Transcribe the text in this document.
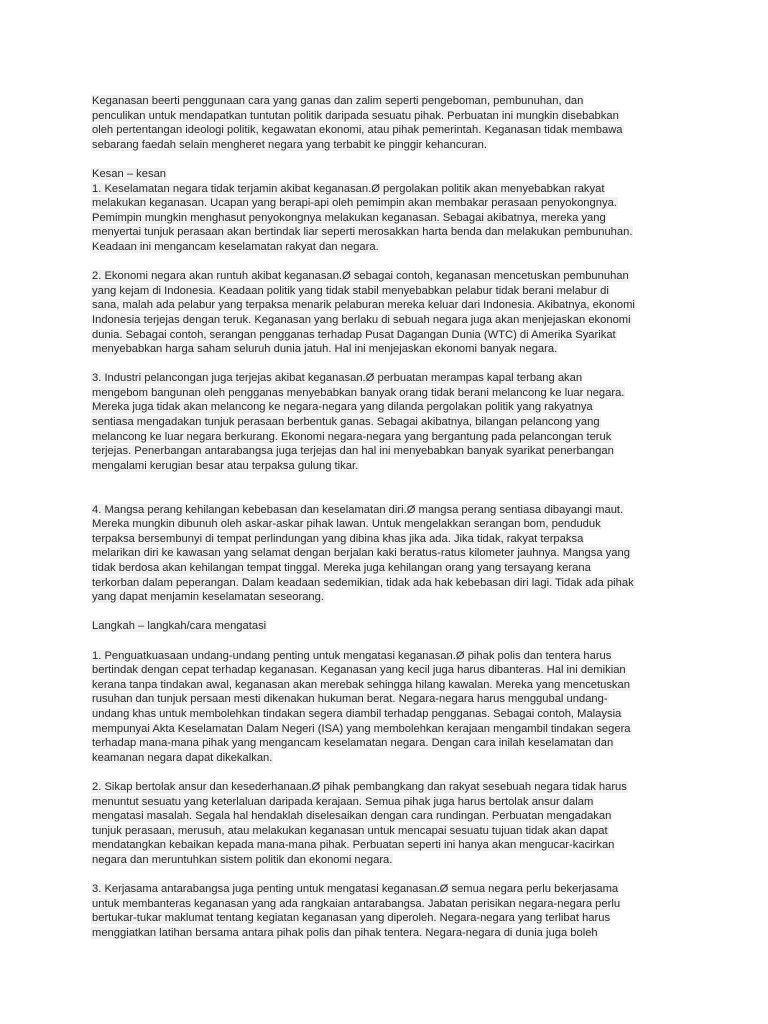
Keganasan beerti penggunaan cara yang ganas dan zalim seperti pengeboman, pembunuhan, dan
penculikan untuk mendapatkan tuntutan politik daripada sesuatu pihak. Perbuatan ini mungkin disebabkan
oleh pertentangan ideologi politik, kegawatan ekonomi, atau pihak pemerintah. Keganasan tidak membawa
sebarang faedah selain mengheret negara yang terbabit ke pinggir kehancuran.
Kesan – kesan
1. Keselamatan negara tidak terjamin akibat keganasan.Ø pergolakan politik akan menyebabkan rakyat
melakukan keganasan. Ucapan yang berapi-api oleh pemimpin akan membakar perasaan penyokongnya.
Pemimpin mungkin menghasut penyokongnya melakukan keganasan. Sebagai akibatnya, mereka yang
menyertai tunjuk perasaan akan bertindak liar seperti merosakkan harta benda dan melakukan pembunuhan.
Keadaan ini mengancam keselamatan rakyat dan negara.
2. Ekonomi negara akan runtuh akibat keganasan.Ø sebagai contoh, keganasan mencetuskan pembunuhan
yang kejam di Indonesia. Keadaan politik yang tidak stabil menyebabkan pelabur tidak berani melabur di
sana, malah ada pelabur yang terpaksa menarik pelaburan mereka keluar dari Indonesia. Akibatnya, ekonomi
Indonesia terjejas dengan teruk. Keganasan yang berlaku di sebuah negara juga akan menjejaskan ekonomi
dunia. Sebagai contoh, serangan pengganas terhadap Pusat Dagangan Dunia (WTC) di Amerika Syarikat
menyebabkan harga saham seluruh dunia jatuh. Hal ini menjejaskan ekonomi banyak negara.
3. Industri pelancongan juga terjejas akibat keganasan.Ø perbuatan merampas kapal terbang akan
mengebom bangunan oleh pengganas menyebabkan banyak orang tidak berani melancong ke luar negara.
Mereka juga tidak akan melancong ke negara-negara yang dilanda pergolakan politik yang rakyatnya
sentiasa mengadakan tunjuk perasaan berbentuk ganas. Sebagai akibatnya, bilangan pelancong yang
melancong ke luar negara berkurang. Ekonomi negara-negara yang bergantung pada pelancongan teruk
terjejas. Penerbangan antarabangsa juga terjejas dan hal ini menyebabkan banyak syarikat penerbangan
mengalami kerugian besar atau terpaksa gulung tikar.
4. Mangsa perang kehilangan kebebasan dan keselamatan diri.Ø mangsa perang sentiasa dibayangi maut.
Mereka mungkin dibunuh oleh askar-askar pihak lawan. Untuk mengelakkan serangan bom, penduduk
terpaksa bersembunyi di tempat perlindungan yang dibina khas jika ada. Jika tidak, rakyat terpaksa
melarikan diri ke kawasan yang selamat dengan berjalan kaki beratus-ratus kilometer jauhnya. Mangsa yang
tidak berdosa akan kehilangan tempat tinggal. Mereka juga kehilangan orang yang tersayang kerana
terkorban dalam peperangan. Dalam keadaan sedemikian, tidak ada hak kebebasan diri lagi. Tidak ada pihak
yang dapat menjamin keselamatan seseorang.
Langkah – langkah/cara mengatasi
1. Penguatkuasaan undang-undang penting untuk mengatasi keganasan.Ø pihak polis dan tentera harus
bertindak dengan cepat terhadap keganasan. Keganasan yang kecil juga harus dibanteras. Hal ini demikian
kerana tanpa tindakan awal, keganasan akan merebak sehingga hilang kawalan. Mereka yang mencetuskan
rusuhan dan tunjuk persaan mesti dikenakan hukuman berat. Negara-negara harus menggubal undang-
undang khas untuk membolehkan tindakan segera diambil terhadap pengganas. Sebagai contoh, Malaysia
mempunyai Akta Keselamatan Dalam Negeri (ISA) yang membolehkan kerajaan mengambil tindakan segera
terhadap mana-mana pihak yang mengancam keselamatan negara. Dengan cara inilah keselamatan dan
keamanan negara dapat dikekalkan.
2. Sikap bertolak ansur dan kesederhanaan.Ø pihak pembangkang dan rakyat sesebuah negara tidak harus
menuntut sesuatu yang keterlaluan daripada kerajaan. Semua pihak juga harus bertolak ansur dalam
mengatasi masalah. Segala hal hendaklah diselesaikan dengan cara rundingan. Perbuatan mengadakan
tunjuk perasaan, merusuh, atau melakukan keganasan untuk mencapai sesuatu tujuan tidak akan dapat
mendatangkan kebaikan kepada mana-mana pihak. Perbuatan seperti ini hanya akan mengucar-kacirkan
negara dan meruntuhkan sistem politik dan ekonomi negara.
3. Kerjasama antarabangsa juga penting untuk mengatasi keganasan.Ø semua negara perlu bekerjasama
untuk membanteras keganasan yang ada rangkaian antarabangsa. Jabatan perisikan negara-negara perlu
bertukar-tukar maklumat tentang kegiatan keganasan yang diperoleh. Negara-negara yang terlibat harus
menggiatkan latihan bersama antara pihak polis dan pihak tentera. Negara-negara di dunia juga boleh
